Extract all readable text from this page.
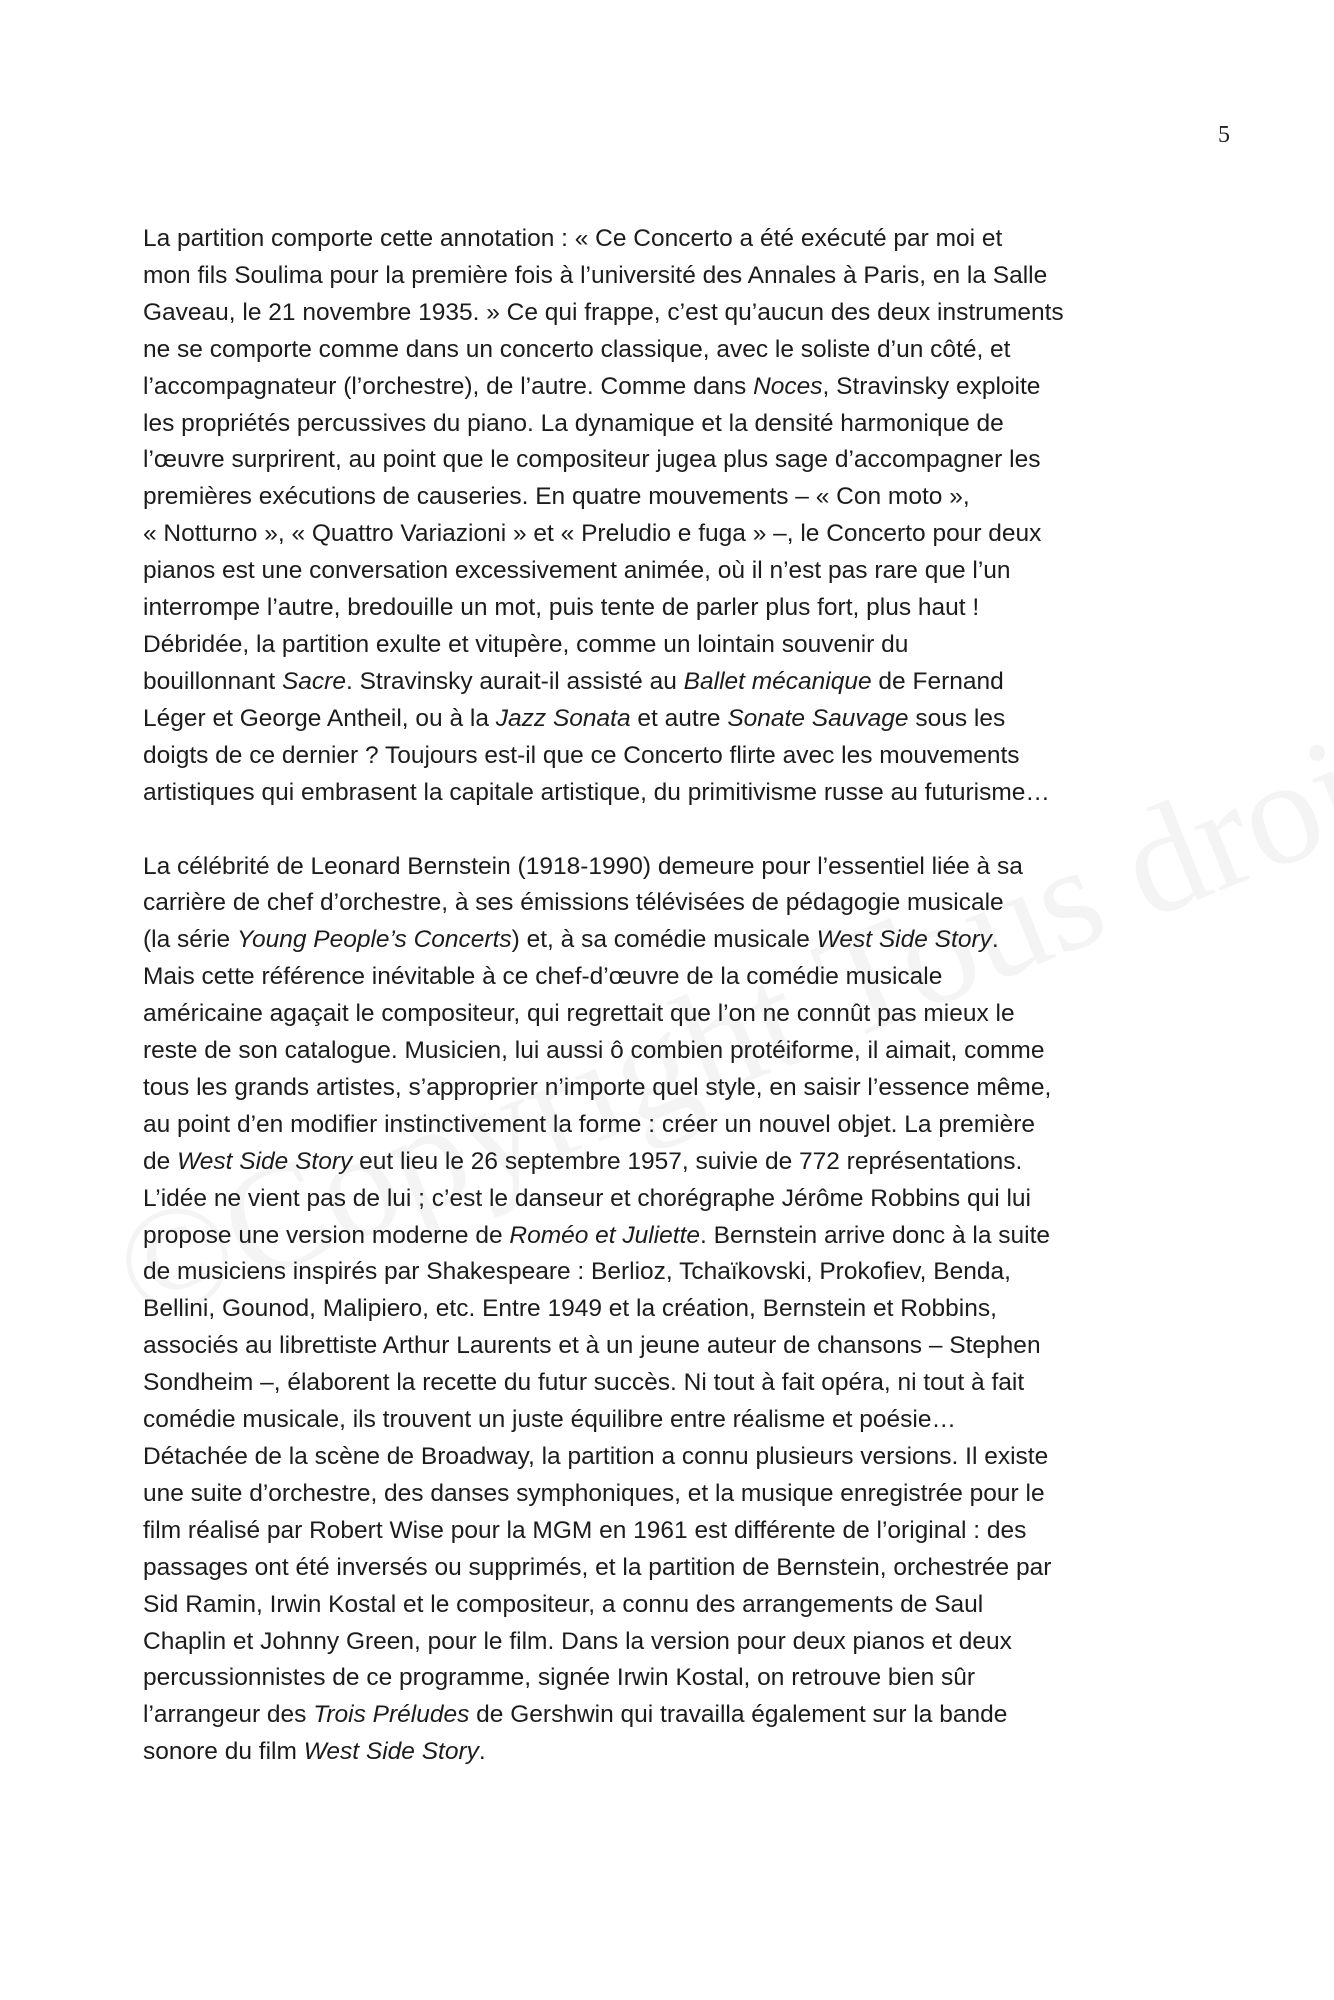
5

La partition comporte cette annotation : « Ce Concerto a été exécuté par moi et
mon fils Soulima pour la première fois à l’université des Annales à Paris, en la Salle
Gaveau, le 21 novembre 1935. » Ce qui frappe, c’est qu’aucun des deux instruments
ne se comporte comme dans un concerto classique, avec le soliste d’un côté, et
l’accompagnateur (l’orchestre), de l’autre. Comme dans Noces, Stravinsky exploite
les propriétés percussives du piano. La dynamique et la densité harmonique de
l’œuvre surprirent, au point que le compositeur jugea plus sage d’accompagner les
premières exécutions de causeries. En quatre mouvements – « Con moto »,
« Notturno », « Quattro Variazioni » et « Preludio e fuga » –, le Concerto pour deux
pianos est une conversation excessivement animée, où il n’est pas rare que l’un
interrompe l’autre, bredouille un mot, puis tente de parler plus fort, plus haut !
Débridée, la partition exulte et vitupère, comme un lointain souvenir du
bouillonnant Sacre. Stravinsky aurait-il assisté au Ballet mécanique de Fernand
Léger et George Antheil, ou à la Jazz Sonata et autre Sonate Sauvage sous les
doigts de ce dernier ? Toujours est-il que ce Concerto flirte avec les mouvements
artistiques qui embrasent la capitale artistique, du primitivisme russe au futurisme…

La célébrité de Leonard Bernstein (1918-1990) demeure pour l’essentiel liée à sa
carrière de chef d’orchestre, à ses émissions télévisées de pédagogie musicale
(la série Young People’s Concerts) et, à sa comédie musicale West Side Story.
Mais cette référence inévitable à ce chef-d’œuvre de la comédie musicale
américaine agaçait le compositeur, qui regrettait que l’on ne connût pas mieux le
reste de son catalogue. Musicien, lui aussi ô combien protéiforme, il aimait, comme
tous les grands artistes, s’approprier n’importe quel style, en saisir l’essence même,
au point d’en modifier instinctivement la forme : créer un nouvel objet. La première
de West Side Story eut lieu le 26 septembre 1957, suivie de 772 représentations.
L’idée ne vient pas de lui ; c’est le danseur et chorégraphe Jérôme Robbins qui lui
propose une version moderne de Roméo et Juliette. Bernstein arrive donc à la suite
de musiciens inspirés par Shakespeare : Berlioz, Tchaïkovski, Prokofiev, Benda,
Bellini, Gounod, Malipiero, etc. Entre 1949 et la création, Bernstein et Robbins,
associés au librettiste Arthur Laurents et à un jeune auteur de chansons – Stephen
Sondheim –, élaborent la recette du futur succès. Ni tout à fait opéra, ni tout à fait
comédie musicale, ils trouvent un juste équilibre entre réalisme et poésie…
Détachée de la scène de Broadway, la partition a connu plusieurs versions. Il existe
une suite d’orchestre, des danses symphoniques, et la musique enregistrée pour le
film réalisé par Robert Wise pour la MGM en 1961 est différente de l’original : des
passages ont été inversés ou supprimés, et la partition de Bernstein, orchestrée par
Sid Ramin, Irwin Kostal et le compositeur, a connu des arrangements de Saul
Chaplin et Johnny Green, pour le film. Dans la version pour deux pianos et deux
percussionnistes de ce programme, signée Irwin Kostal, on retrouve bien sûr
l’arrangeur des Trois Préludes de Gershwin qui travailla également sur la bande
sonore du film West Side Story.
